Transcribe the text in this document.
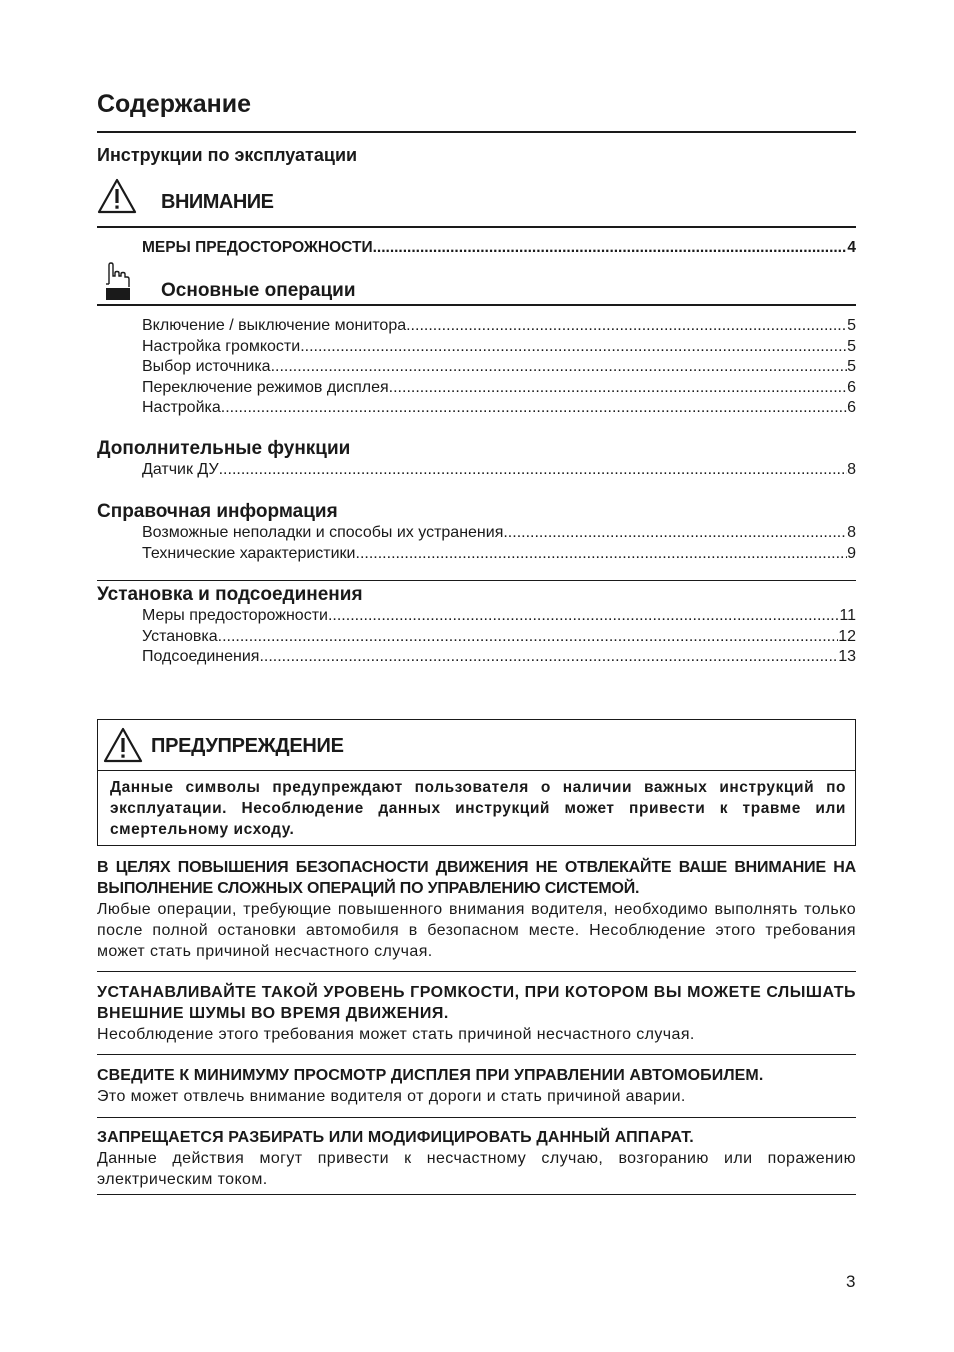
Содержание
Инструкции по эксплуатации
ВНИМАНИЕ
МЕРЫ ПРЕДОСТОРОЖНОСТИ .....	4
Основные операции
Включение / выключение монитора .....	5
Настройка громкости .....	5
Выбор источника .....	5
Переключение режимов дисплея .....	6
Настройка .....	6
Дополнительные функции
Датчик ДУ .....	8
Справочная информация
Возможные неполадки и способы их устранения .....	8
Технические характеристики .....	9
Установка и подсоединения
Меры предосторожности .....	11
Установка .....	12
Подсоединения .....	13
ПРЕДУПРЕЖДЕНИЕ
Данные символы предупреждают пользователя о наличии важных инструкций по эксплуатации. Несоблюдение данных инструкций может привести к травме или смертельному исходу.
В ЦЕЛЯХ ПОВЫШЕНИЯ БЕЗОПАСНОСТИ ДВИЖЕНИЯ НЕ ОТВЛЕКАЙТЕ ВАШЕ ВНИМАНИЕ НА ВЫПОЛНЕНИЕ СЛОЖНЫХ ОПЕРАЦИЙ ПО УПРАВЛЕНИЮ СИСТЕМОЙ.
Любые операции, требующие повышенного внимания водителя, необходимо выполнять только после полной остановки автомобиля в безопасном месте. Несоблюдение этого требования может стать причиной несчастного случая.
УСТАНАВЛИВАЙТЕ ТАКОЙ УРОВЕНЬ ГРОМКОСТИ, ПРИ КОТОРОМ ВЫ МОЖЕТЕ СЛЫШАТЬ ВНЕШНИЕ ШУМЫ ВО ВРЕМЯ ДВИЖЕНИЯ.
Несоблюдение этого требования может стать причиной несчастного случая.
СВЕДИТЕ К МИНИМУМУ ПРОСМОТР ДИСПЛЕЯ ПРИ УПРАВЛЕНИИ АВТОМОБИЛЕМ.
Это может отвлечь внимание водителя от дороги и стать причиной аварии.
ЗАПРЕЩАЕТСЯ РАЗБИРАТЬ ИЛИ МОДИФИЦИРОВАТЬ ДАННЫЙ АППАРАТ.
Данные действия могут привести к несчастному случаю, возгоранию или поражению электрическим током.
3
